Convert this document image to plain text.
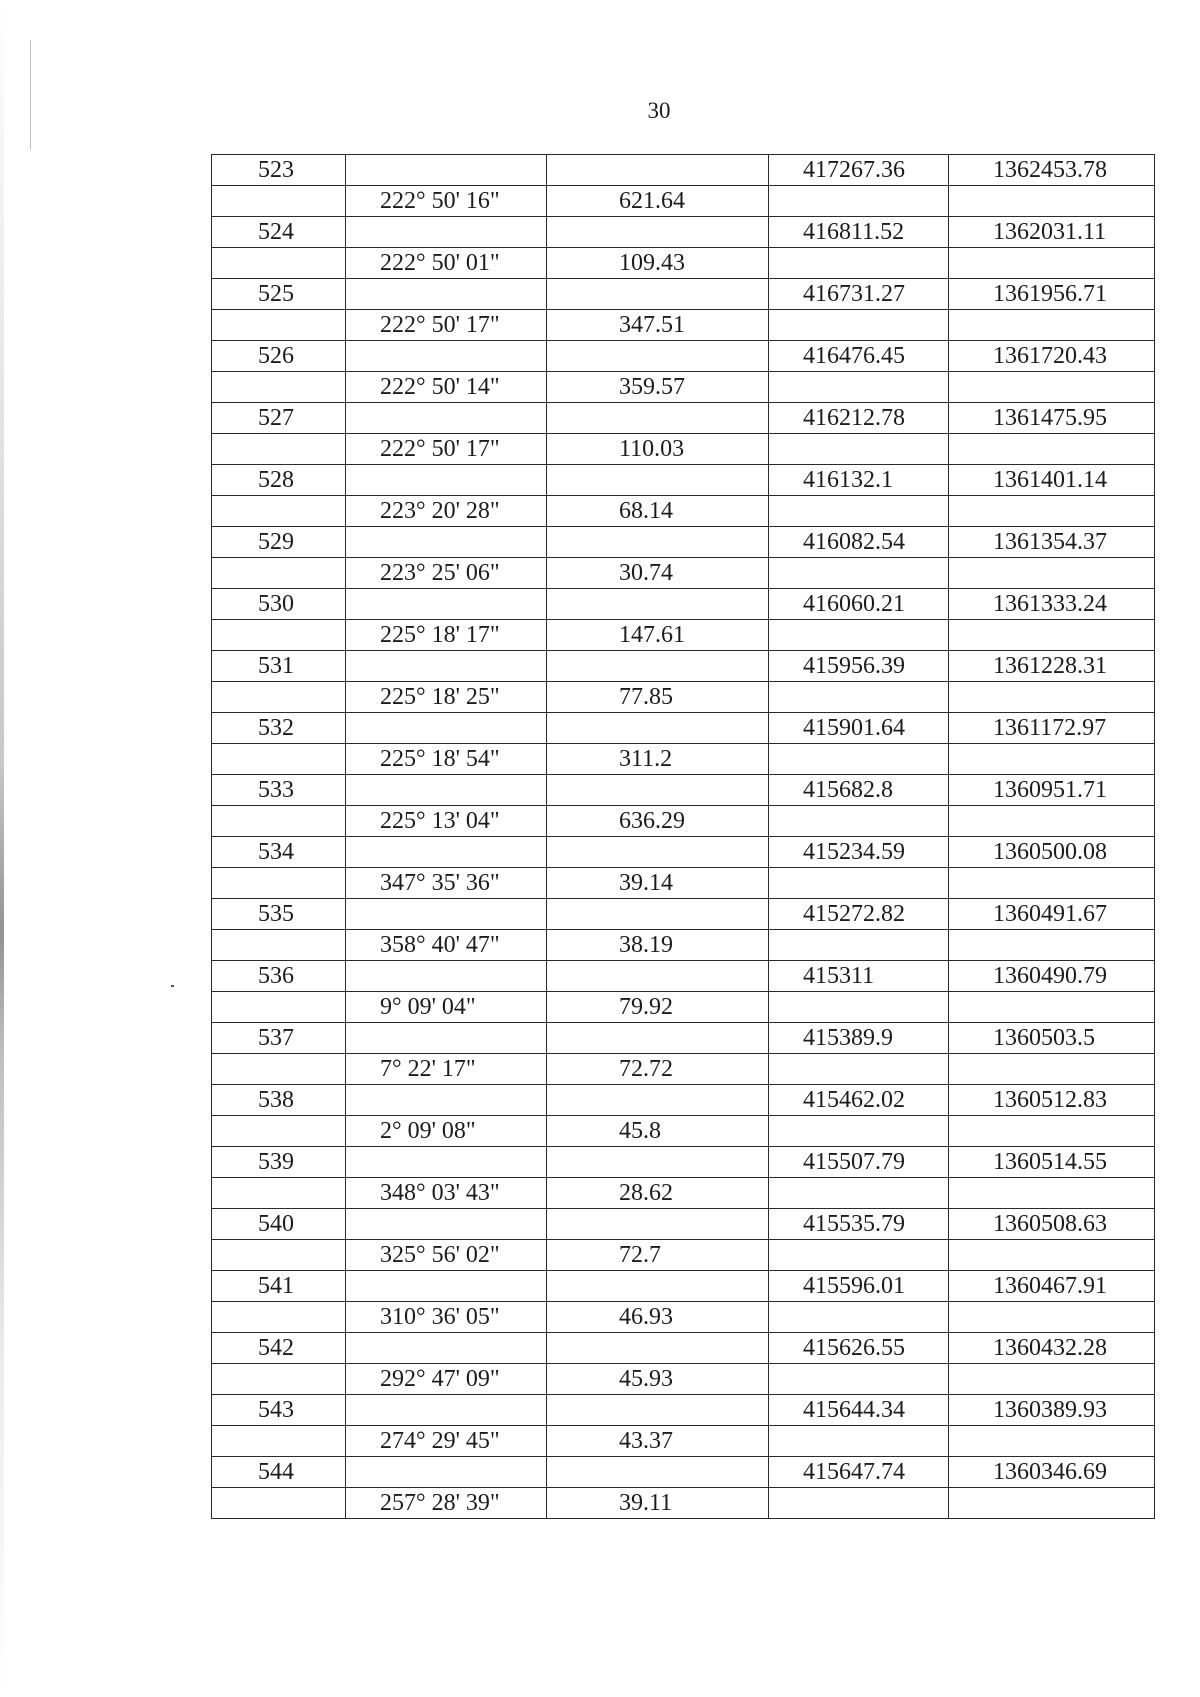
30
523			417267.36	1362453.78
	222° 50' 16"	621.64		
524			416811.52	1362031.11
	222° 50' 01"	109.43		
525			416731.27	1361956.71
	222° 50' 17"	347.51		
526			416476.45	1361720.43
	222° 50' 14"	359.57		
527			416212.78	1361475.95
	222° 50' 17"	110.03		
528			416132.1	1361401.14
	223° 20' 28"	68.14		
529			416082.54	1361354.37
	223° 25' 06"	30.74		
530			416060.21	1361333.24
	225° 18' 17"	147.61		
531			415956.39	1361228.31
	225° 18' 25"	77.85		
532			415901.64	1361172.97
	225° 18' 54"	311.2		
533			415682.8	1360951.71
	225° 13' 04"	636.29		
534			415234.59	1360500.08
	347° 35' 36"	39.14		
535			415272.82	1360491.67
	358° 40' 47"	38.19		
536			415311	1360490.79
	9° 09' 04"	79.92		
537			415389.9	1360503.5
	7° 22' 17"	72.72		
538			415462.02	1360512.83
	2° 09' 08"	45.8		
539			415507.79	1360514.55
	348° 03' 43"	28.62		
540			415535.79	1360508.63
	325° 56' 02"	72.7		
541			415596.01	1360467.91
	310° 36' 05"	46.93		
542			415626.55	1360432.28
	292° 47' 09"	45.93		
543			415644.34	1360389.93
	274° 29' 45"	43.37		
544			415647.74	1360346.69
	257° 28' 39"	39.11		
